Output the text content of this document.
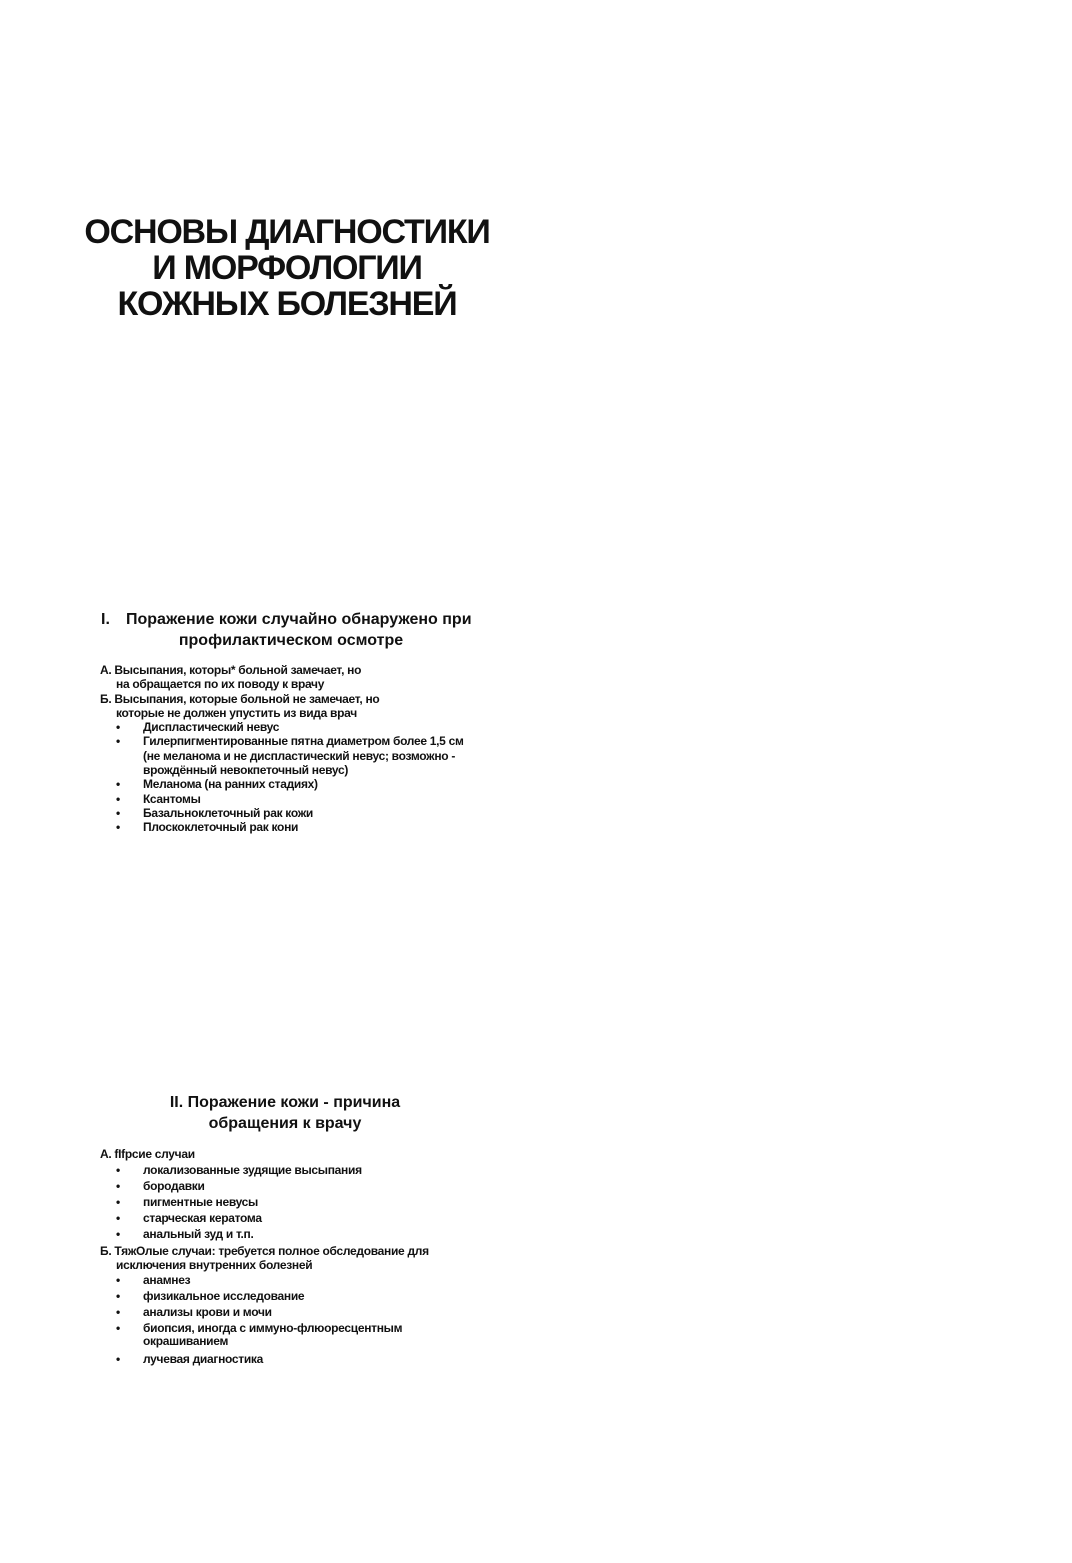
ОСНОВЫ ДИАГНОСТИКИ
И МОРФОЛОГИИ
КОЖНЫХ БОЛЕЗНЕЙ
I. Поражение кожи случайно обнаружено при
профилактическом осмотре
А. Высыпания, которы* больной замечает, но
на обращается по их поводу к врачу
Б. Высыпания, которые больной не замечает, но
которые не должен упустить из вида врач
• Диспластический невус
• Гилерпигментированные пятна диаметром более 1,5 см
(не меланома и не диспластический невус; возможно -
врождённый невокпеточный невус)
• Меланома (на ранних стадиях)
• Ксантомы
• Базальноклеточный рак кожи
• Плоскоклеточный рак кони
II. Поражение кожи - причина
обращения к врачу
А. fIfрсие случаи
• локализованные зудящие высыпания
• бородавки
• пигментные невусы
• старческая кератома
• анальный зуд и т.п.
Б. ТяжОлые случаи: требуется полное обследование для
исключения внутренних болезней
• анамнез
• физикальное исследование
• анализы крови и мочи
• биопсия, иногда с иммуно-флюоресцентным
окрашиванием
• лучевая диагностика
